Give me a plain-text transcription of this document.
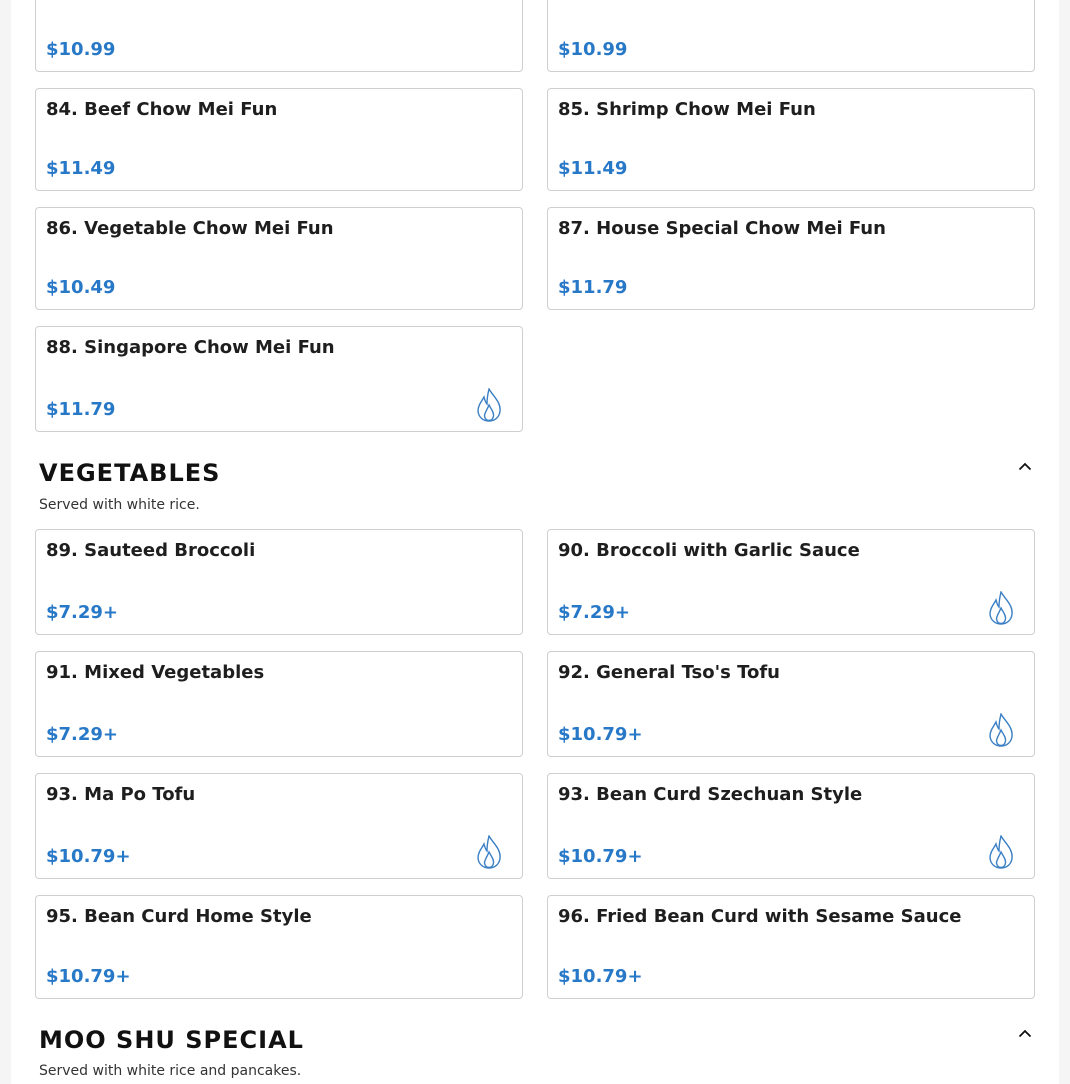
$10.99	$10.99
84. Beef Chow Mei Fun
$11.49
85. Shrimp Chow Mei Fun
$11.49
86. Vegetable Chow Mei Fun
$10.49
87. House Special Chow Mei Fun
$11.79
88. Singapore Chow Mei Fun
$11.79
VEGETABLES
Served with white rice.
89. Sauteed Broccoli
$7.29+
90. Broccoli with Garlic Sauce
$7.29+
91. Mixed Vegetables
$7.29+
92. General Tso's Tofu
$10.79+
93. Ma Po Tofu
$10.79+
93. Bean Curd Szechuan Style
$10.79+
95. Bean Curd Home Style
$10.79+
96. Fried Bean Curd with Sesame Sauce
$10.79+
MOO SHU SPECIAL
Served with white rice and pancakes.
